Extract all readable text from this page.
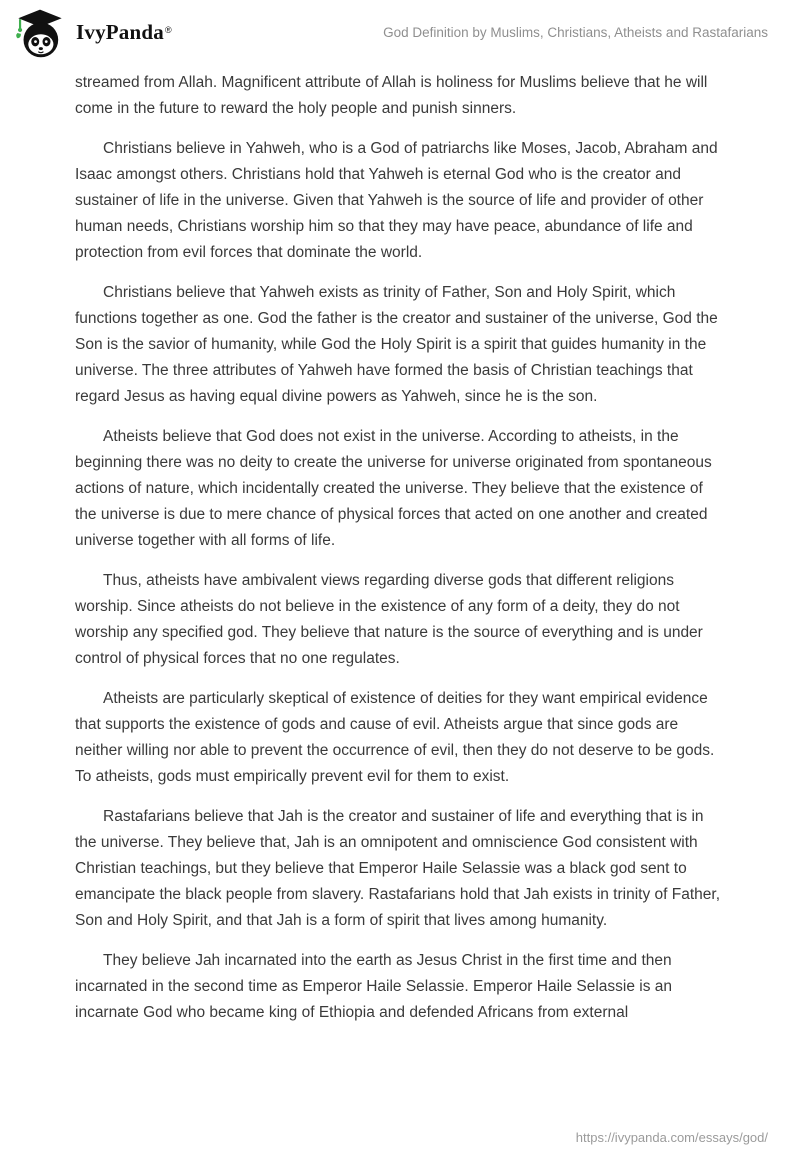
IvyPanda®	God Definition by Muslims, Christians, Atheists and Rastafarians

streamed from Allah. Magnificent attribute of Allah is holiness for Muslims believe that he will come in the future to reward the holy people and punish sinners.

Christians believe in Yahweh, who is a God of patriarchs like Moses, Jacob, Abraham and Isaac amongst others. Christians hold that Yahweh is eternal God who is the creator and sustainer of life in the universe. Given that Yahweh is the source of life and provider of other human needs, Christians worship him so that they may have peace, abundance of life and protection from evil forces that dominate the world.

Christians believe that Yahweh exists as trinity of Father, Son and Holy Spirit, which functions together as one. God the father is the creator and sustainer of the universe, God the Son is the savior of humanity, while God the Holy Spirit is a spirit that guides humanity in the universe. The three attributes of Yahweh have formed the basis of Christian teachings that regard Jesus as having equal divine powers as Yahweh, since he is the son.

Atheists believe that God does not exist in the universe. According to atheists, in the beginning there was no deity to create the universe for universe originated from spontaneous actions of nature, which incidentally created the universe. They believe that the existence of the universe is due to mere chance of physical forces that acted on one another and created universe together with all forms of life.

Thus, atheists have ambivalent views regarding diverse gods that different religions worship. Since atheists do not believe in the existence of any form of a deity, they do not worship any specified god. They believe that nature is the source of everything and is under control of physical forces that no one regulates.

Atheists are particularly skeptical of existence of deities for they want empirical evidence that supports the existence of gods and cause of evil. Atheists argue that since gods are neither willing nor able to prevent the occurrence of evil, then they do not deserve to be gods. To atheists, gods must empirically prevent evil for them to exist.

Rastafarians believe that Jah is the creator and sustainer of life and everything that is in the universe. They believe that, Jah is an omnipotent and omniscience God consistent with Christian teachings, but they believe that Emperor Haile Selassie was a black god sent to emancipate the black people from slavery. Rastafarians hold that Jah exists in trinity of Father, Son and Holy Spirit, and that Jah is a form of spirit that lives among humanity.

They believe Jah incarnated into the earth as Jesus Christ in the first time and then incarnated in the second time as Emperor Haile Selassie. Emperor Haile Selassie is an incarnate God who became king of Ethiopia and defended Africans from external

https://ivypanda.com/essays/god/
